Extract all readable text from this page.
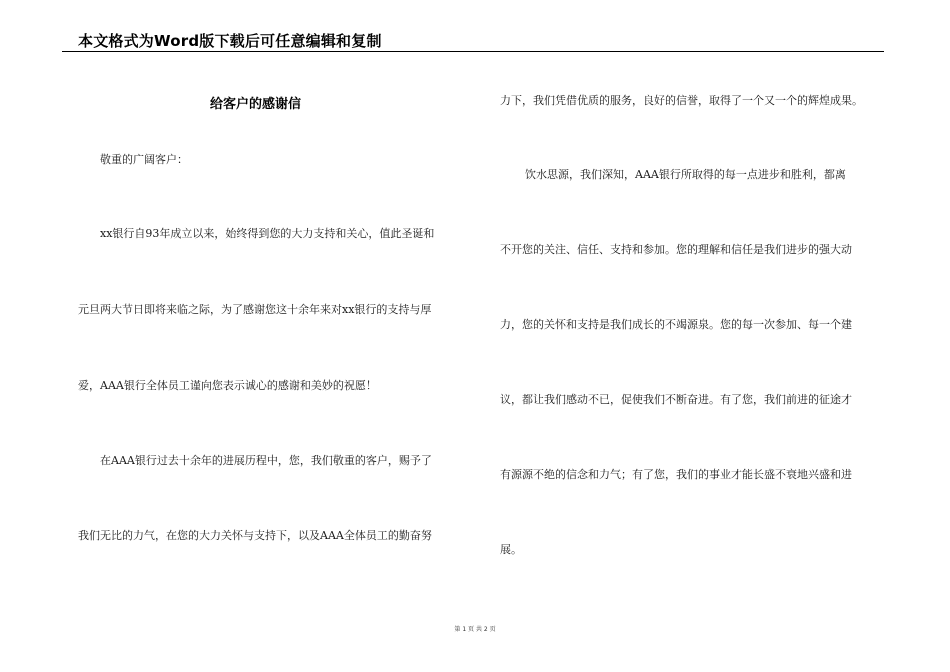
本文格式为Word版下载后可任意编辑和复制
给客户的感谢信
敬重的广阔客户：
xx银行自93年成立以来，始终得到您的大力支持和关心，值此圣诞和
元旦两大节日即将来临之际，为了感谢您这十余年来对xx银行的支持与厚
爱，AAA银行全体员工谨向您表示诚心的感谢和美妙的祝愿！
在AAA银行过去十余年的进展历程中，您，我们敬重的客户，赐予了
我们无比的力气，在您的大力关怀与支持下，以及AAA全体员工的勤奋努
力下，我们凭借优质的服务，良好的信誉，取得了一个又一个的辉煌成果。
饮水思源，我们深知，AAA银行所取得的每一点进步和胜利，都离
不开您的关注、信任、支持和参加。您的理解和信任是我们进步的强大动
力，您的关怀和支持是我们成长的不竭源泉。您的每一次参加、每一个建
议，都让我们感动不已，促使我们不断奋进。有了您，我们前进的征途才
有源源不绝的信念和力气；有了您，我们的事业才能长盛不衰地兴盛和进
展。
第 1 页 共 2 页
